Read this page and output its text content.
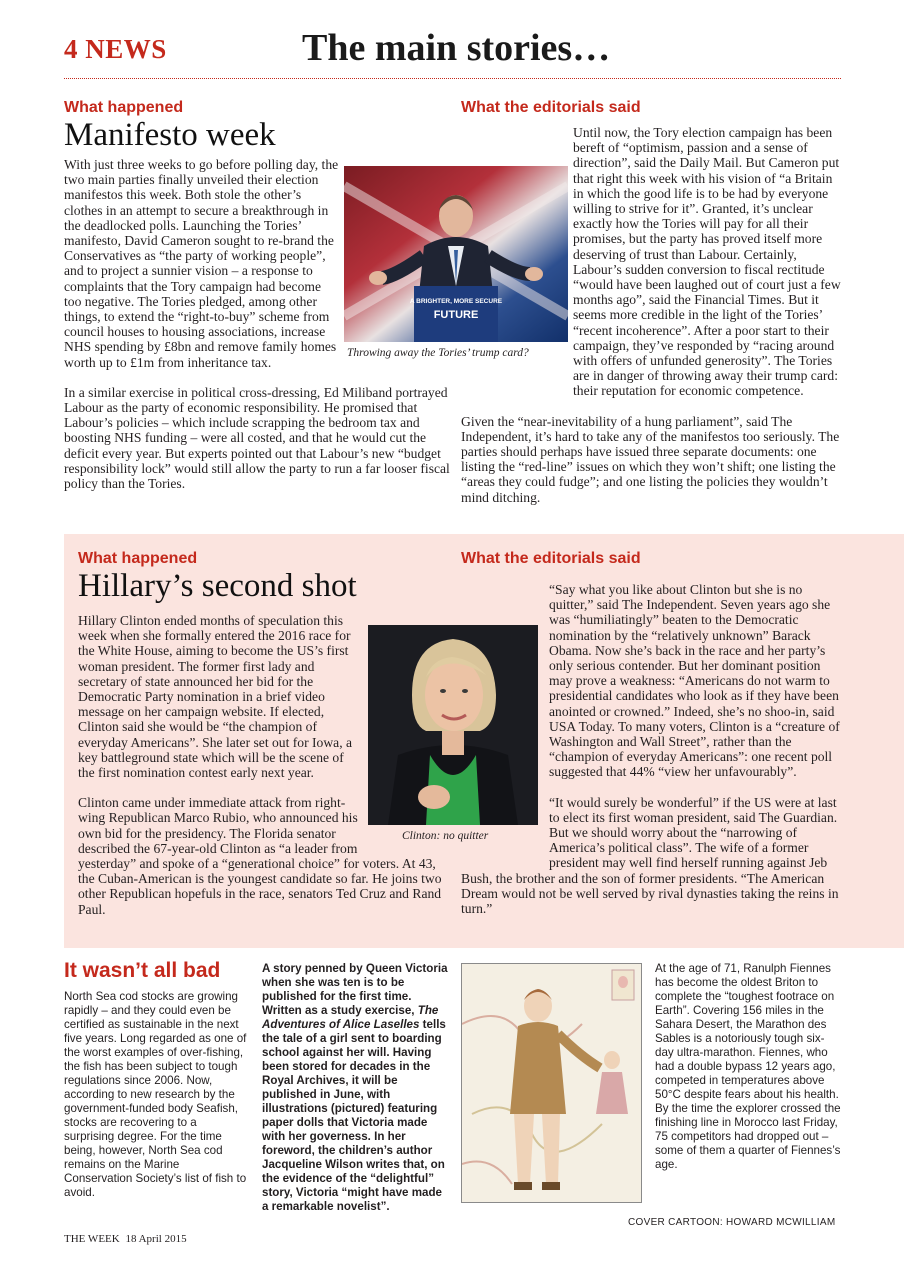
4 NEWS	The main stories…
What happened
Manifesto week

With just three weeks to go before polling day, the two main parties finally unveiled their election manifestos this week. Both stole the other’s clothes in an attempt to secure a breakthrough in the deadlocked polls. Launching the Tories’ manifesto, David Cameron sought to re-brand the Conservatives as “the party of working people”, and to project a sunnier vision – a response to complaints that the Tory campaign had become too negative. The Tories pledged, among other things, to extend the “right-to-buy” scheme from council houses to housing associations, increase NHS spending by £8bn and remove family homes worth up to £1m from inheritance tax.

In a similar exercise in political cross-dressing, Ed Miliband portrayed Labour as the party of economic responsibility. He promised that Labour’s policies – which include scrapping the bedroom tax and boosting NHS funding – were all costed, and that he would cut the deficit every year. But experts pointed out that Labour’s new “budget responsibility lock” would still allow the party to run a far looser fiscal policy than the Tories.

What the editorials said

Until now, the Tory election campaign has been bereft of “optimism, passion and a sense of direction”, said the Daily Mail. But Cameron put that right this week with his vision of “a Britain in which the good life is to be had by everyone willing to strive for it”. Granted, it’s unclear exactly how the Tories will pay for all their promises, but the party has proved itself more deserving of trust than Labour. Certainly, Labour’s sudden conversion to fiscal rectitude “would have been laughed out of court just a few months ago”, said the Financial Times. But it seems more credible in the light of the Tories’ “recent incoherence”. After a poor start to their campaign, they’ve responded by “racing around with offers of unfunded generosity”. The Tories are in danger of throwing away their trump card: their reputation for economic competence.

Given the “near-inevitability of a hung parliament”, said The Independent, it’s hard to take any of the manifestos too seriously. The parties should perhaps have issued three separate documents: one listing the “red-line” issues on which they won’t shift; one listing the “areas they could fudge”; and one listing the policies they wouldn’t mind ditching.

A BRIGHTER, MORE SECURE
FUTURE
Throwing away the Tories’ trump card?
What happened
Hillary’s second shot

Hillary Clinton ended months of speculation this week when she formally entered the 2016 race for the White House, aiming to become the US’s first woman president. The former first lady and secretary of state announced her bid for the Democratic Party nomination in a brief video message on her campaign website. If elected, Clinton said she would be “the champion of everyday Americans”. She later set out for Iowa, a key battleground state which will be the scene of the first nomination contest early next year.

Clinton came under immediate attack from right-wing Republican Marco Rubio, who announced his own bid for the presidency. The Florida senator described the 67-year-old Clinton as “a leader from yesterday” and spoke of a “generational choice” for voters. At 43, the Cuban-American is the youngest candidate so far. He joins two other Republican hopefuls in the race, senators Ted Cruz and Rand Paul.

What the editorials said

“Say what you like about Clinton but she is no quitter,” said The Independent. Seven years ago she was “humiliatingly” beaten to the Democratic nomination by the “relatively unknown” Barack Obama. Now she’s back in the race and her party’s only serious contender. But her dominant position may prove a weakness: “Americans do not warm to presidential candidates who look as if they have been anointed or crowned.” Indeed, she’s no shoo-in, said USA Today. To many voters, Clinton is a “creature of Washington and Wall Street”, rather than the “champion of everyday Americans”: one recent poll suggested that 44% “view her unfavourably”.

“It would surely be wonderful” if the US were at last to elect its first woman president, said The Guardian. But we should worry about the “narrowing of America’s political class”. The wife of a former president may well find herself running against Jeb Bush, the brother and the son of former presidents. “The American Dream would not be well served by rival dynasties taking the reins in turn.”

Clinton: no quitter
It wasn’t all bad
North Sea cod stocks are growing rapidly – and they could even be certified as sustainable in the next five years. Long regarded as one of the worst examples of over-fishing, the fish has been subject to tough regulations since 2006. Now, according to new research by the government-funded body Seafish, stocks are recovering to a surprising degree. For the time being, however, North Sea cod remains on the Marine Conservation Society’s list of fish to avoid.
A story penned by Queen Victoria when she was ten is to be published for the first time. Written as a study exercise, The Adventures of Alice Laselles tells the tale of a girl sent to boarding school against her will. Having been stored for decades in the Royal Archives, it will be published in June, with illustrations (pictured) featuring paper dolls that Victoria made with her governess. In her foreword, the children’s author Jacqueline Wilson writes that, on the evidence of the “delightful” story, Victoria “might have made a remarkable novelist”.
At the age of 71, Ranulph Fiennes has become the oldest Briton to complete the “toughest footrace on Earth”. Covering 156 miles in the Sahara Desert, the Marathon des Sables is a notoriously tough six-day ultra-marathon. Fiennes, who had a double bypass 12 years ago, competed in temperatures above 50°C despite fears about his health. By the time the explorer crossed the finishing line in Morocco last Friday, 75 competitors had dropped out – some of them a quarter of Fiennes’s age.
COVER CARTOON: HOWARD MCWILLIAM
THE WEEK 18 April 2015
